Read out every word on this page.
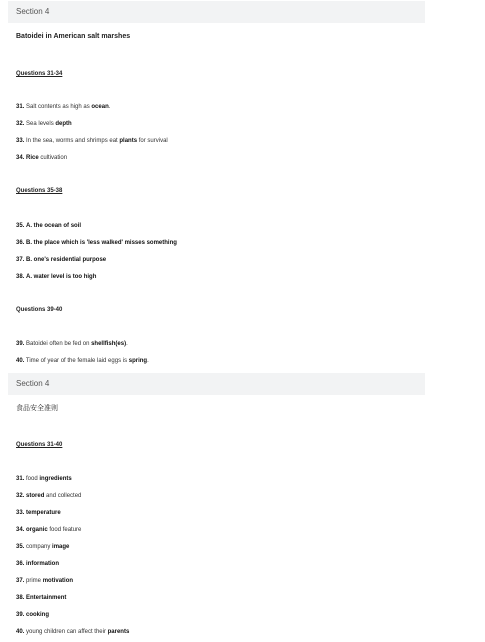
Section 4
Batoidei in American salt marshes
Questions 31-34
31. Salt contents as high as ocean.
32. Sea levels depth
33. In the sea, worms and shrimps eat plants for survival
34. Rice cultivation
Questions 35-38
35. A. the ocean of soil
36. B. the place which is 'less walked' misses something
37. B. one's residential purpose
38. A. water level is too high
Questions 39-40
39. Batoidei often be fed on shellfish(es).
40. Time of year of the female laid eggs is spring.
Section 4
食品安全准则
Questions 31-40
31. food ingredients
32. stored and collected
33. temperature
34. organic food feature
35. company image
36. information
37. prime motivation
38. Entertainment
39. cooking
40. young children can affect their parents
